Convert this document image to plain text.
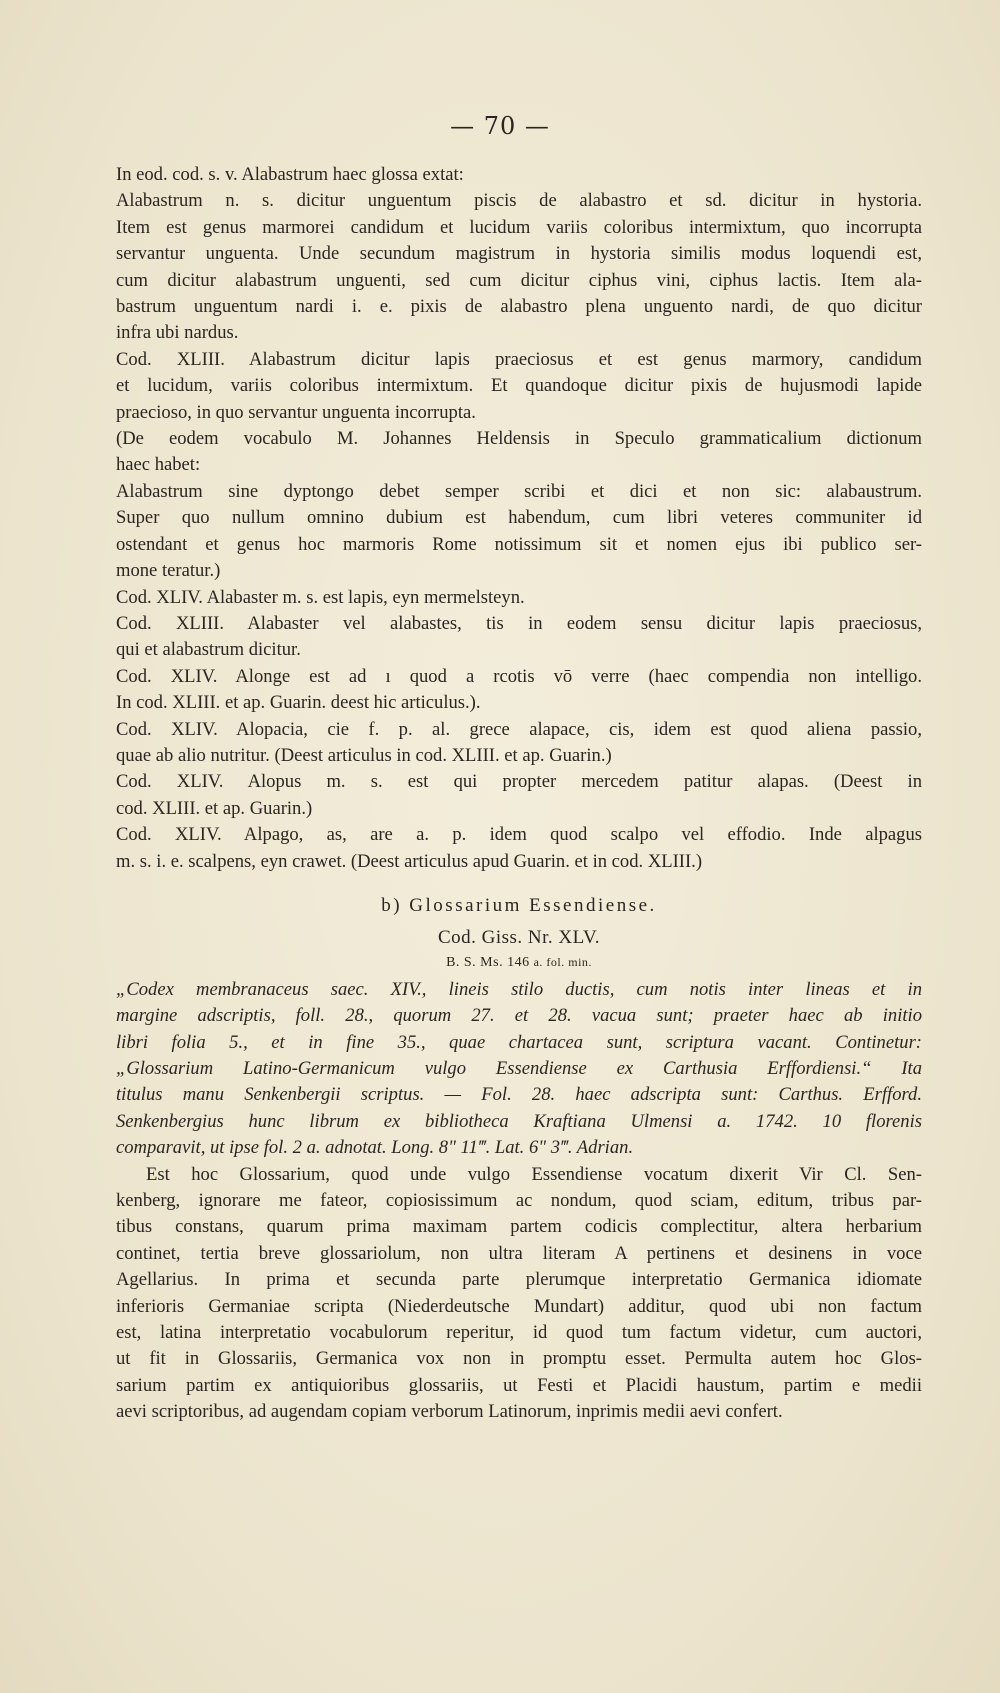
— 70 —
In eod. cod. s. v. Alabastrum haec glossa extat:
Alabastrum n. s. dicitur unguentum piscis de alabastro et sd. dicitur in hystoria.
Item est genus marmorei candidum et lucidum variis coloribus intermixtum, quo incorrupta
servantur unguenta. Unde secundum magistrum in hystoria similis modus loquendi est,
cum dicitur alabastrum unguenti, sed cum dicitur ciphus vini, ciphus lactis. Item ala-
bastrum unguentum nardi i. e. pixis de alabastro plena unguento nardi, de quo dicitur
infra ubi nardus.
Cod. XLIII. Alabastrum dicitur lapis praeciosus et est genus marmory, candidum
et lucidum, variis coloribus intermixtum. Et quandoque dicitur pixis de hujusmodi lapide
praecioso, in quo servantur unguenta incorrupta.
(De eodem vocabulo M. Johannes Heldensis in Speculo grammaticalium dictionum
haec habet:
Alabastrum sine dyptongo debet semper scribi et dici et non sic: alabaustrum.
Super quo nullum omnino dubium est habendum, cum libri veteres communiter id
ostendant et genus hoc marmoris Rome notissimum sit et nomen ejus ibi publico ser-
mone teratur.)
Cod. XLIV. Alabaster m. s. est lapis, eyn mermelsteyn.
Cod. XLIII. Alabaster vel alabastes, tis in eodem sensu dicitur lapis praeciosus,
qui et alabastrum dicitur.
Cod. XLIV. Alonge est ad ı quod a rcotis vō verre (haec compendia non intelligo.
In cod. XLIII. et ap. Guarin. deest hic articulus.).
Cod. XLIV. Alopacia, cie f. p. al. grece alapace, cis, idem est quod aliena passio,
quae ab alio nutritur. (Deest articulus in cod. XLIII. et ap. Guarin.)
Cod. XLIV. Alopus m. s. est qui propter mercedem patitur alapas. (Deest in
cod. XLIII. et ap. Guarin.)
Cod. XLIV. Alpago, as, are a. p. idem quod scalpo vel effodio. Inde alpagus
m. s. i. e. scalpens, eyn crawet. (Deest articulus apud Guarin. et in cod. XLIII.)

b) Glossarium Essendiense.

Cod. Giss. Nr. XLV.

B. S. Ms. 146 a. fol. min.

„Codex membranaceus saec. XIV., lineis stilo ductis, cum notis inter lineas et in
margine adscriptis, foll. 28., quorum 27. et 28. vacua sunt; praeter haec ab initio
libri folia 5., et in fine 35., quae chartacea sunt, scriptura vacant. Continetur:
„Glossarium Latino-Germanicum vulgo Essendiense ex Carthusia Erffordiensi.“ Ita
titulus manu Senkenbergii scriptus. — Fol. 28. haec adscripta sunt: Carthus. Erfford.
Senkenbergius hunc librum ex bibliotheca Kraftiana Ulmensi a. 1742. 10 florenis
comparavit, ut ipse fol. 2 a. adnotat. Long. 8" 11‴. Lat. 6" 3‴. Adrian.
Est hoc Glossarium, quod unde vulgo Essendiense vocatum dixerit Vir Cl. Sen-
kenberg, ignorare me fateor, copiosissimum ac nondum, quod sciam, editum, tribus par-
tibus constans, quarum prima maximam partem codicis complectitur, altera herbarium
continet, tertia breve glossariolum, non ultra literam A pertinens et desinens in voce
Agellarius. In prima et secunda parte plerumque interpretatio Germanica idiomate
inferioris Germaniae scripta (Niederdeutsche Mundart) additur, quod ubi non factum
est, latina interpretatio vocabulorum reperitur, id quod tum factum videtur, cum auctori,
ut fit in Glossariis, Germanica vox non in promptu esset. Permulta autem hoc Glos-
sarium partim ex antiquioribus glossariis, ut Festi et Placidi haustum, partim e medii
aevi scriptoribus, ad augendam copiam verborum Latinorum, inprimis medii aevi confert.
